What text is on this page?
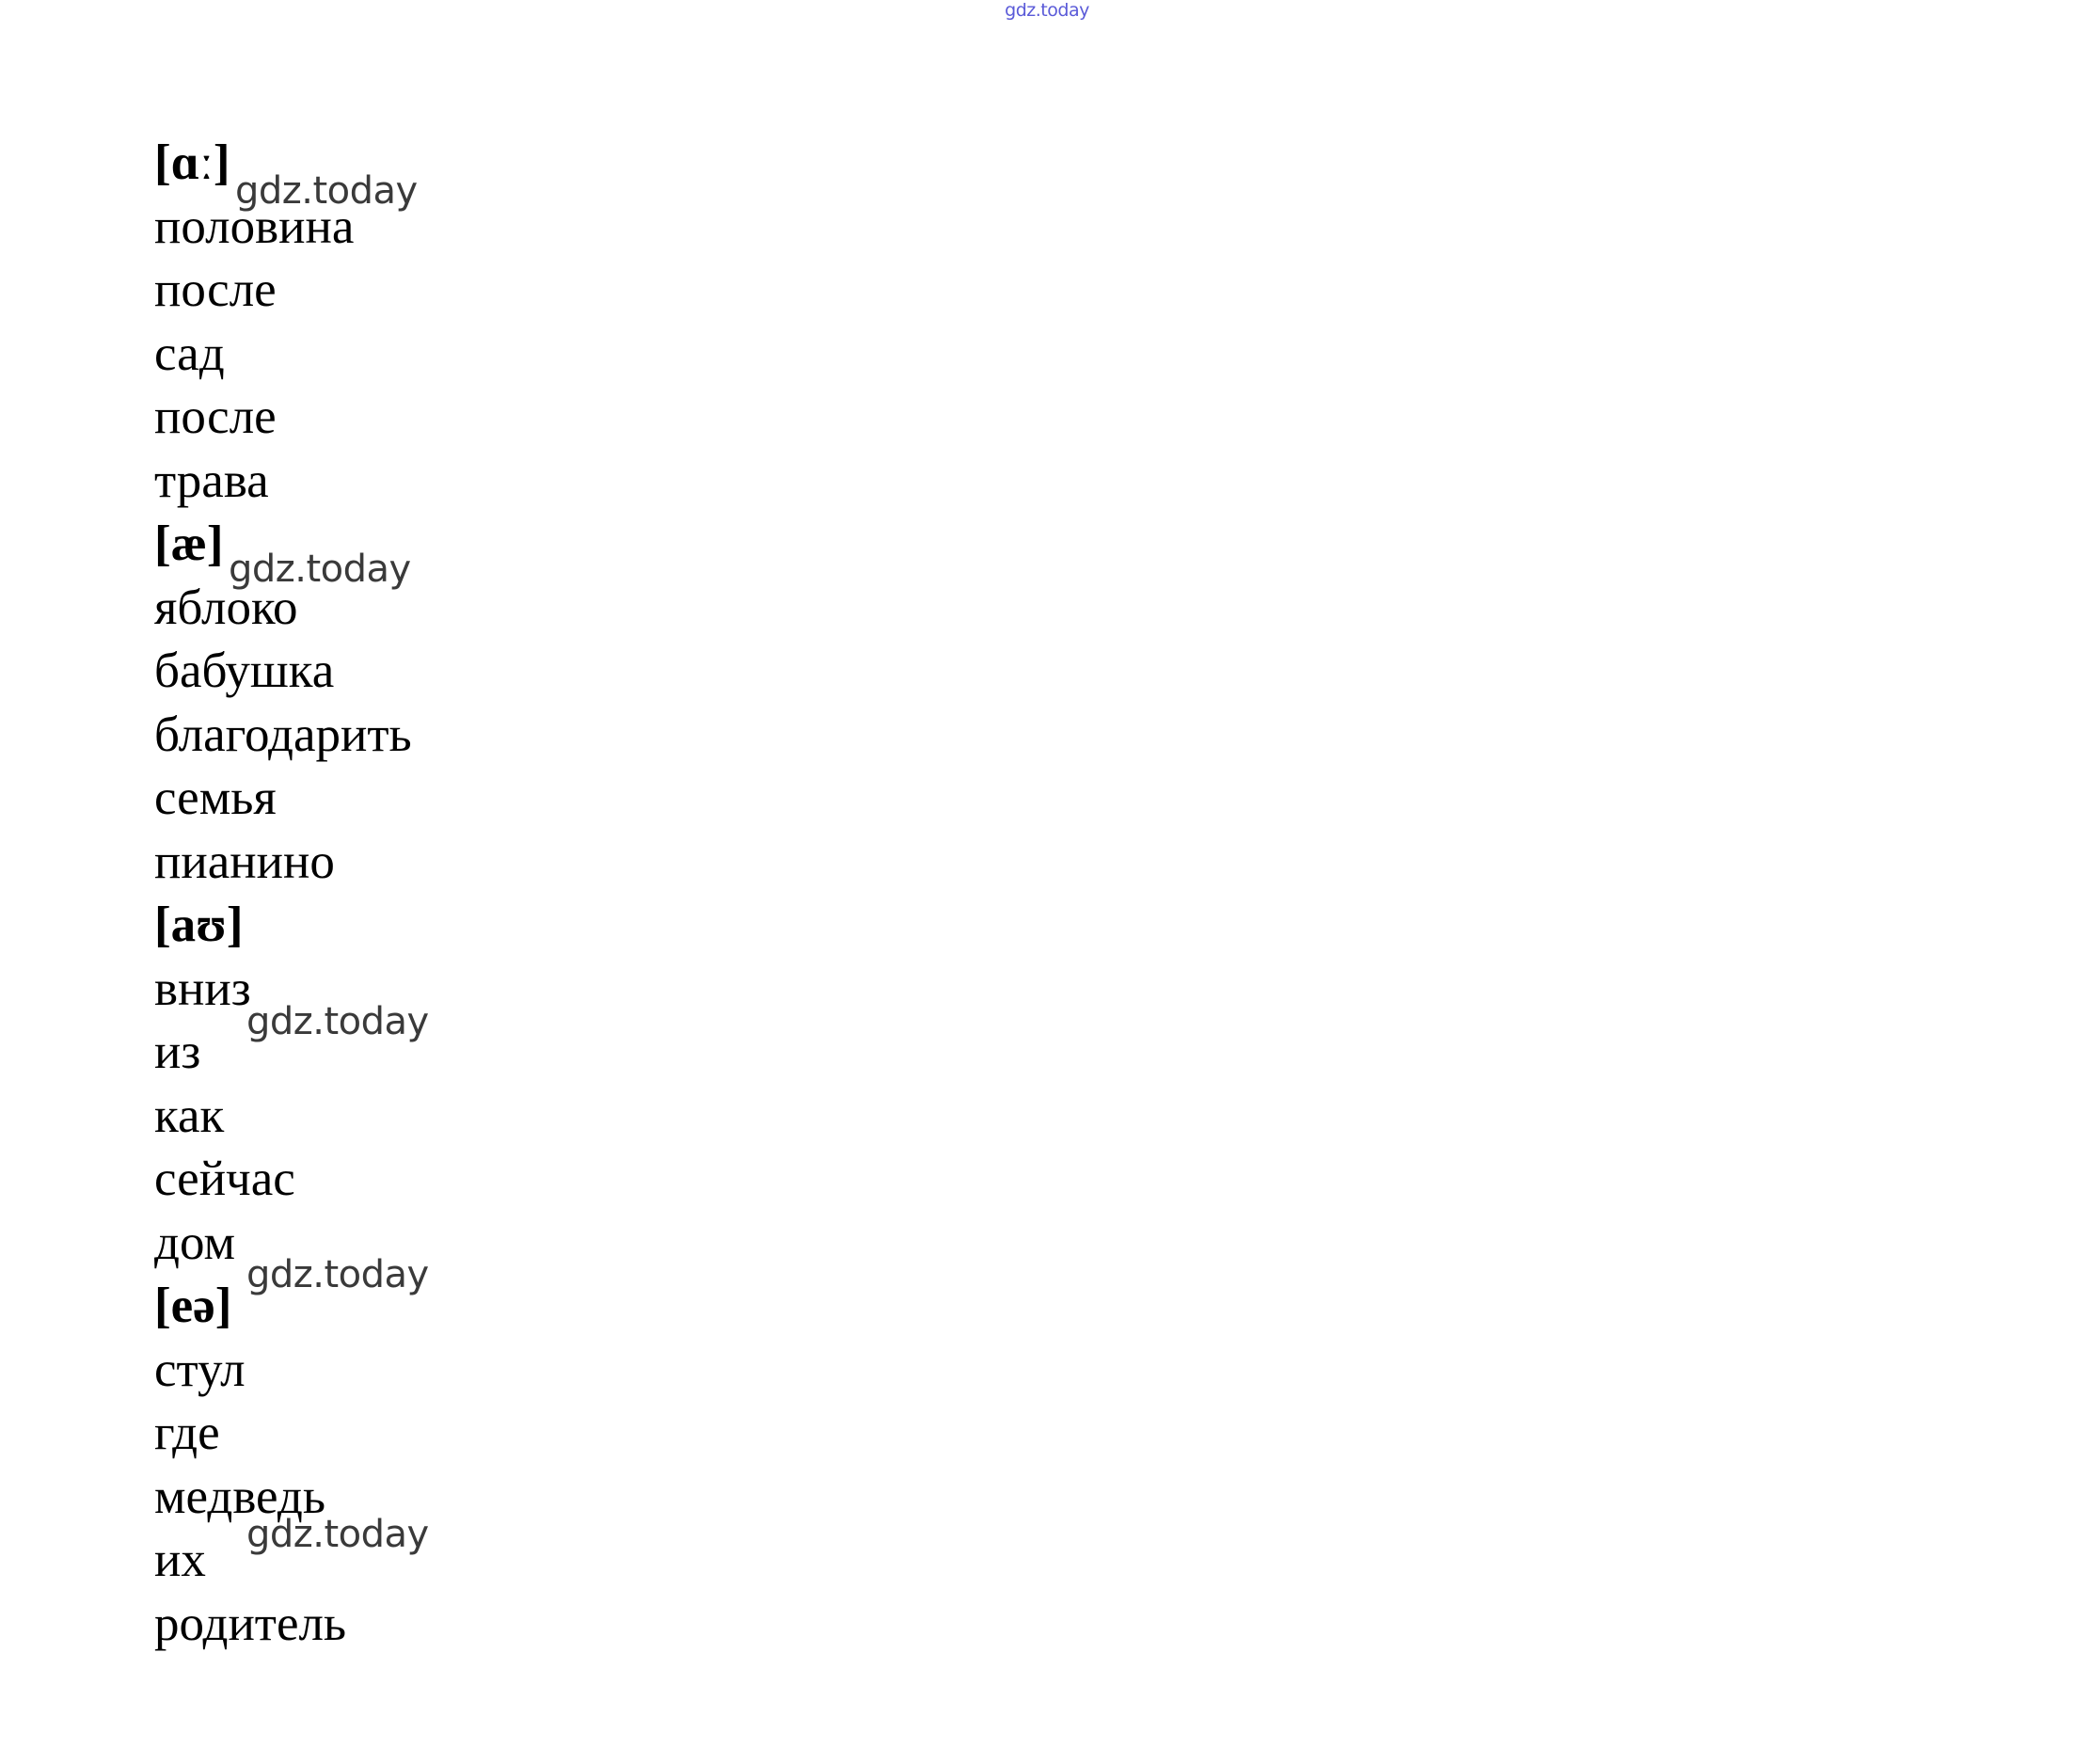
gdz.today
[ɑː]
половина
после
сад
после
трава
[æ]
яблоко
бабушка
благодарить
семья
пианино
[aʊ]
вниз
из
как
сейчас
дом
[eə]
стул
где
медведь
их
родитель
gdz.today
gdz.today
gdz.today
gdz.today
gdz.today
